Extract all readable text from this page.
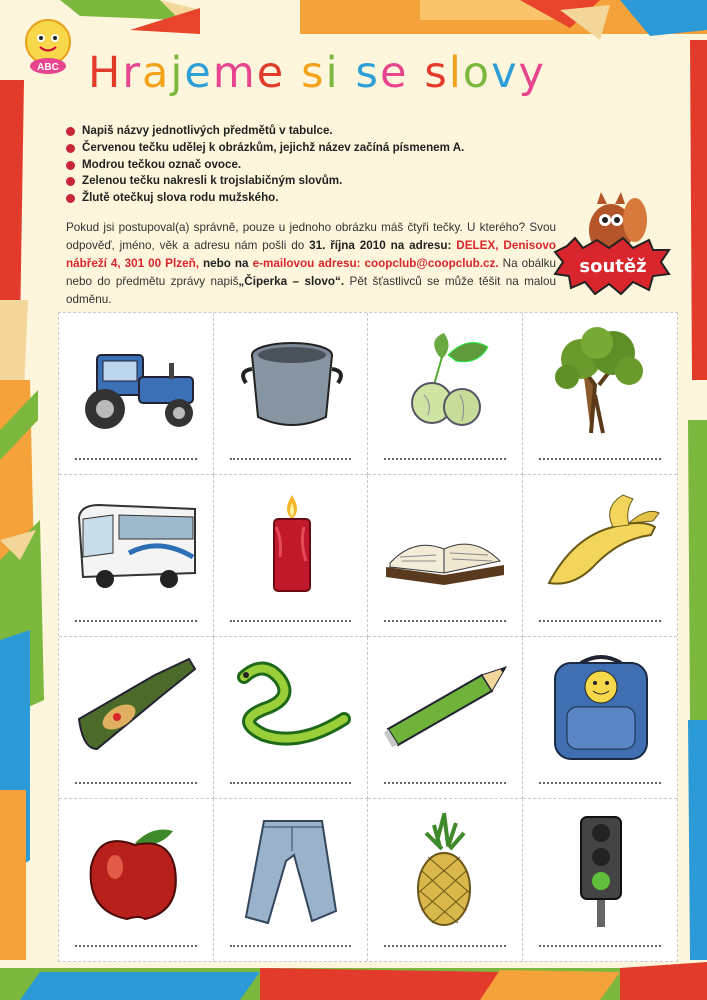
ABC Hrajeme si se slovy
Napiš názvy jednotlivých předmětů v tabulce.
Červenou tečku udělej k obrázkům, jejichž název začíná písmenem A.
Modrou tečkou označ ovoce.
Zelenou tečku nakresli k trojslabičným slovům.
Žlutě otečkuj slova rodu mužského.
Pokud jsi postupoval(a) správně, pouze u jednoho obrázku máš čtyři tečky. U kterého? Svou odpověď, jméno, věk a adresu nám pošli do 31. října 2010 na adresu: DELEX, Denisovo nábřeží 4, 301 00 Plzeň, nebo na e-mailovou adresu: coopclub@coopclub.cz. Na obálku nebo do předmětu zprávy napiš„Čiperka – slovo“. Pět šťastlivců se může těšit na malou odměnu.
soutěž
